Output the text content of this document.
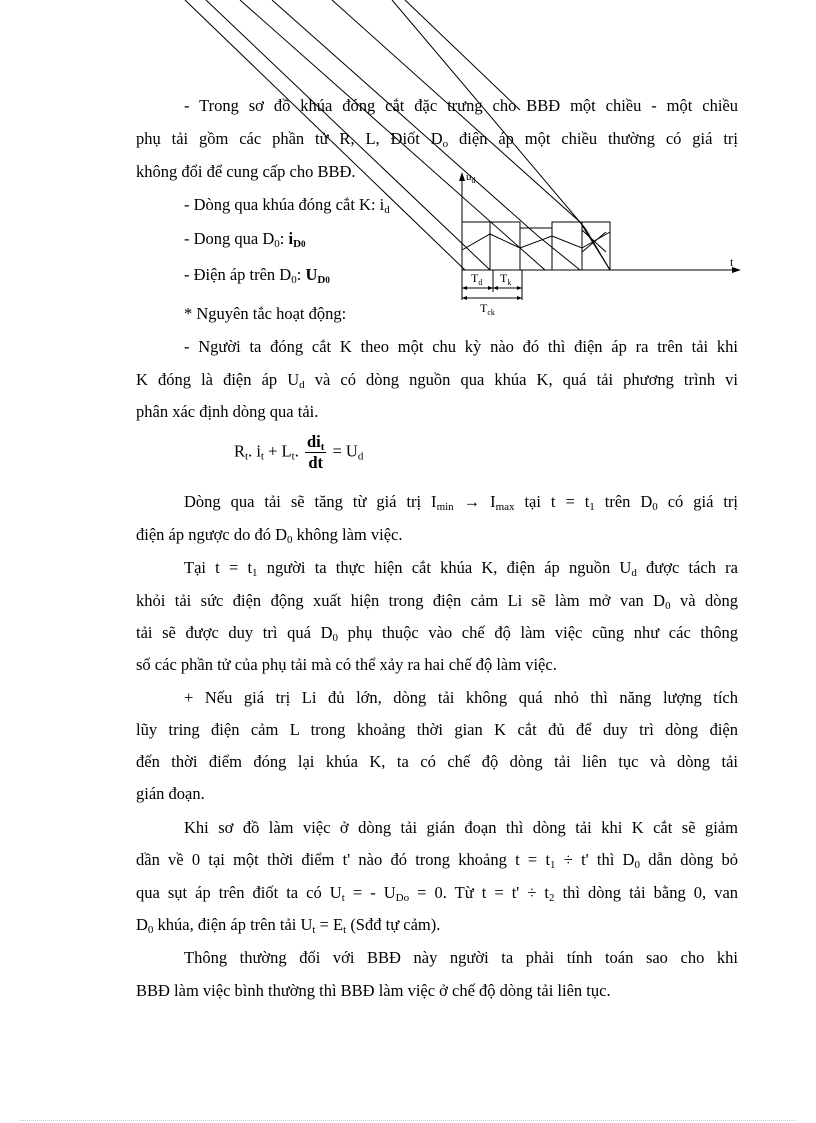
$u_d$
t
$T_d$ $T_k$
$T_{ck}$
- Trong sơ đồ khúa đóng cắt đặc trưng cho BBĐ một chiều - một chiều
phụ tải gồm các phần tử R, L, Điốt $D_o$ điện áp một chiều thường có giá trị
không đổi để cung cấp cho BBĐ.
- Dòng qua khúa đóng cắt K: $i_d$
- Dong qua $D_0$: $i_{D0}$
- Điện áp trên $D_0$: $U_{D0}$
* Nguyên tắc hoạt động:
- Người ta đóng cắt K theo một chu kỳ nào đó thì điện áp ra trên tải khi
K đóng là điện áp $U_d$ và có dòng nguồn qua khúa K, quá tải phương trình vi
phân xác định dòng qua tải.
$R_t$. $i_t + L_t$. $\frac{di_t}{dt} = U_d$
Dòng qua tải sẽ tăng từ giá trị $I_{min} \to I_{max}$ tại $t = t_1$ trên $D_0$ có giá trị
điện áp ngược do đó $D_0$ không làm việc.
Tại $t = t_1$ người ta thực hiện cắt khúa K, điện áp nguồn $U_d$ được tách ra
khỏi tải sức điện động xuất hiện trong điện cảm Li sẽ làm mở van $D_0$ và dòng
tải sẽ được duy trì quá $D_0$ phụ thuộc vào chế độ làm việc cũng như các thông
số các phần tử của phụ tải mà có thể xảy ra hai chế độ làm việc.
+ Nếu giá trị Li đủ lớn, dòng tải không quá nhỏ thì năng lượng tích
lũy tring điện cảm L trong khoảng thời gian K cắt đủ để duy trì dòng điện
đến thời điểm đóng lại khúa K, ta có chế độ dòng tải liên tục và dòng tải
gián đoạn.
Khi sơ đồ làm việc ở dòng tải gián đoạn thì dòng tải khi K cắt sẽ giảm
dần về 0 tại một thời điểm t' nào đó trong khoảng $t = t_1 \div t'$ thì $D_0$ dẫn dòng bỏ
qua sụt áp trên điốt ta có $U_t$ = - $U_{Do} = 0$. Từ $t = t' \div t_2$ thì dòng tải bằng 0, van
$D_0$ khúa, điện áp trên tải $U_t = E_t$ (Sđđ tự cảm).
Thông thường đối với BBĐ này người ta phải tính toán sao cho khi
BBĐ làm việc bình thường thì BBĐ làm việc ở chế độ dòng tải liên tục.
